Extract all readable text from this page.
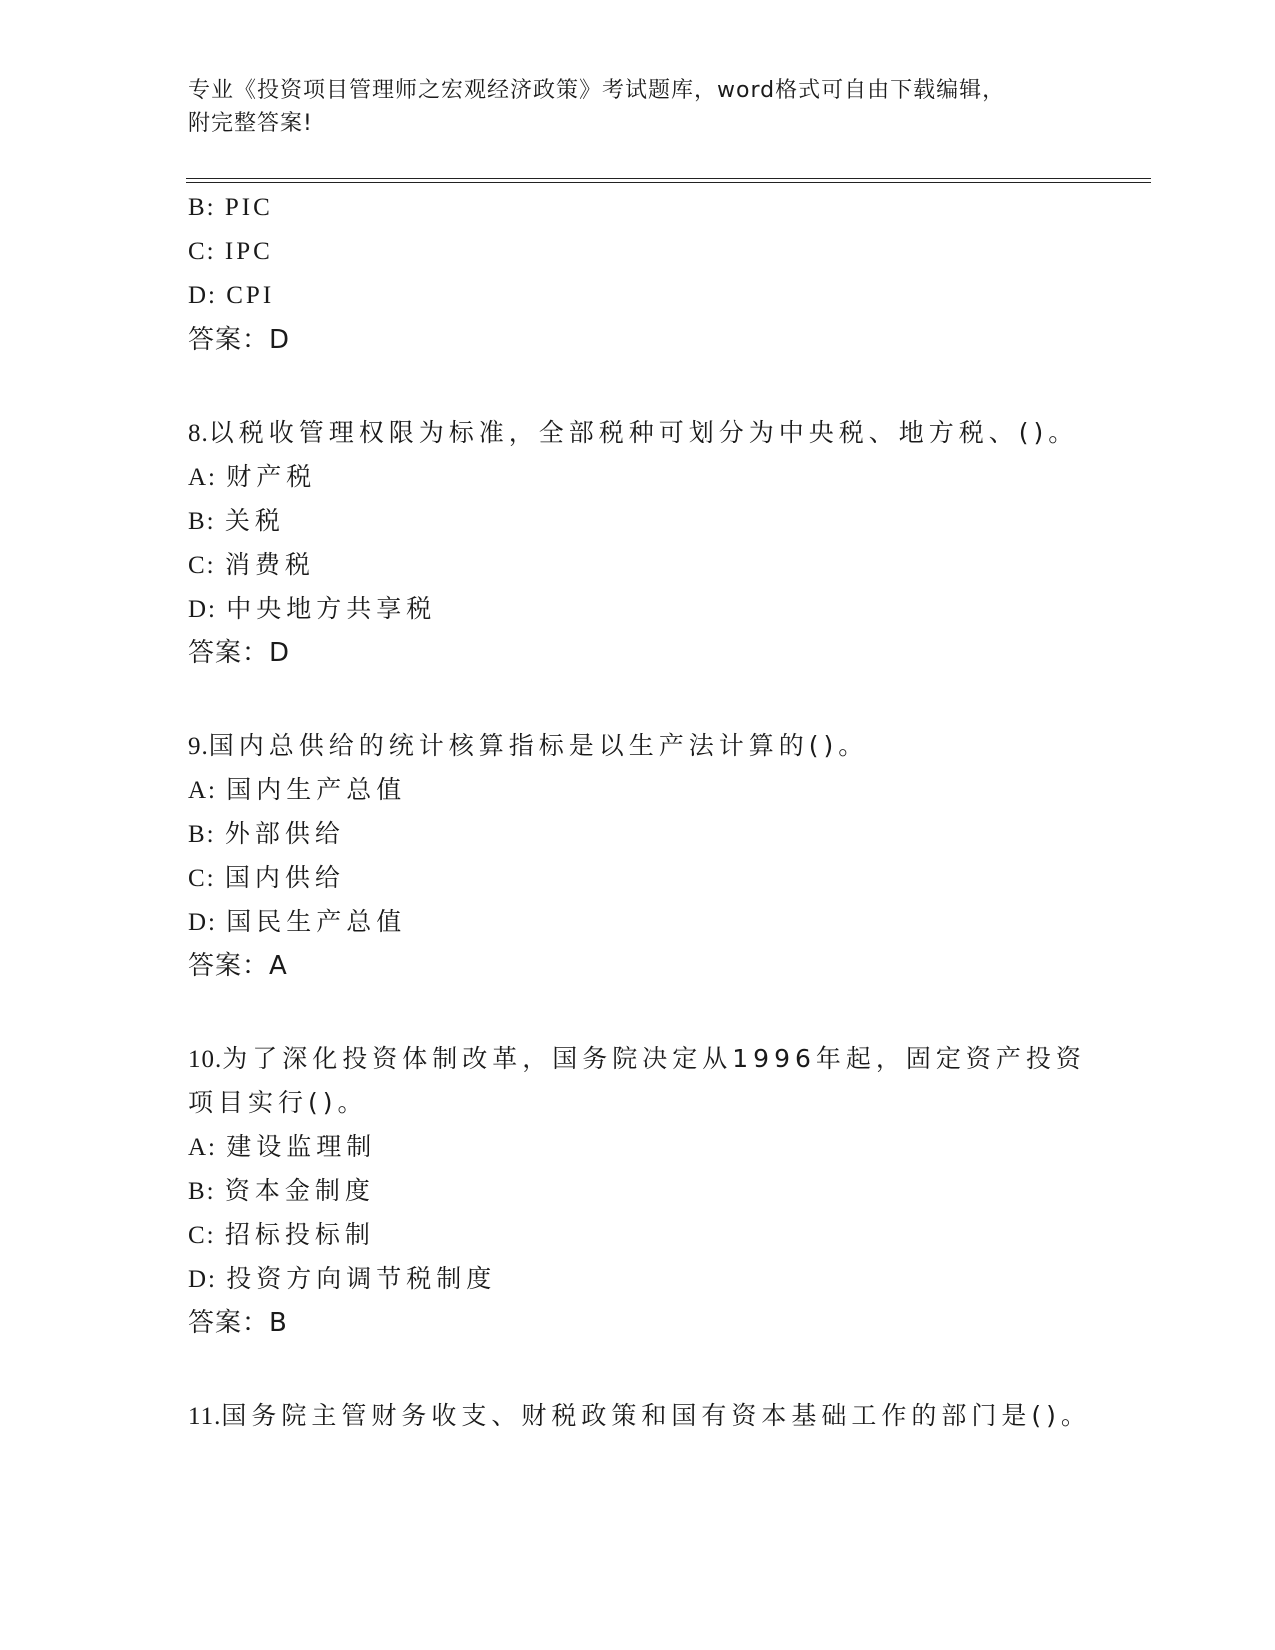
专业《投资项目管理师之宏观经济政策》考试题库，word格式可自由下载编辑，
附完整答案!
B: PIC
C: IPC
D: CPI
答案：D
8.以税收管理权限为标准，全部税种可划分为中央税、地方税、()。
A: 财产税
B: 关税
C: 消费税
D: 中央地方共享税
答案：D
9.国内总供给的统计核算指标是以生产法计算的()。
A: 国内生产总值
B: 外部供给
C: 国内供给
D: 国民生产总值
答案：A
10.为了深化投资体制改革，国务院决定从1996年起，固定资产投资
项目实行()。
A: 建设监理制
B: 资本金制度
C: 招标投标制
D: 投资方向调节税制度
答案：B
11.国务院主管财务收支、财税政策和国有资本基础工作的部门是()。
